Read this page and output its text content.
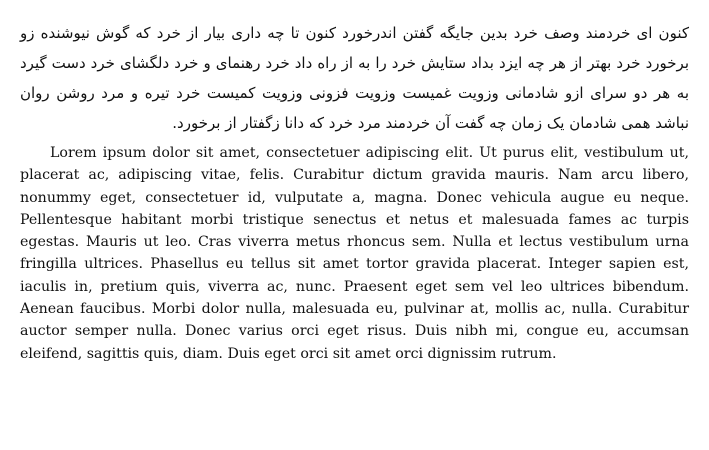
کنون ای خردمند وصف خرد بدین جایگه گفتن اندرخورد کنون تا چه داری بیار از خرد که گوش نیوشنده زو برخورد خرد بهتر از هر چه ایزد بداد ستایش خرد را به از راه داد خرد رهنمای و خرد دلگشای خرد دست گیرد به هر دو سرای ازو شادمانی وزویت غمیست وزویت فزونی وزویت کمیست خرد تیره و مرد روشن روان نباشد همی شادمان یک زمان چه گفت آن خردمند مرد خرد که دانا زگفتار از برخورد.

Lorem ipsum dolor sit amet, consectetuer adipiscing elit. Ut purus elit, vestibulum ut, placerat ac, adipiscing vitae, felis. Curabitur dictum gravida mauris. Nam arcu libero, nonummy eget, consectetuer id, vulputate a, magna. Donec vehicula augue eu neque. Pellentesque habitant morbi tristique senectus et netus et malesuada fames ac turpis egestas. Mauris ut leo. Cras viverra metus rhoncus sem. Nulla et lectus vestibulum urna fringilla ultrices. Phasellus eu tellus sit amet tortor gravida placerat. Integer sapien est, iaculis in, pretium quis, viverra ac, nunc. Praesent eget sem vel leo ultrices bibendum. Aenean faucibus. Morbi dolor nulla, malesuada eu, pulvinar at, mollis ac, nulla. Curabitur auctor semper nulla. Donec varius orci eget risus. Duis nibh mi, congue eu, accumsan eleifend, sagittis quis, diam. Duis eget orci sit amet orci dignissim rutrum.
